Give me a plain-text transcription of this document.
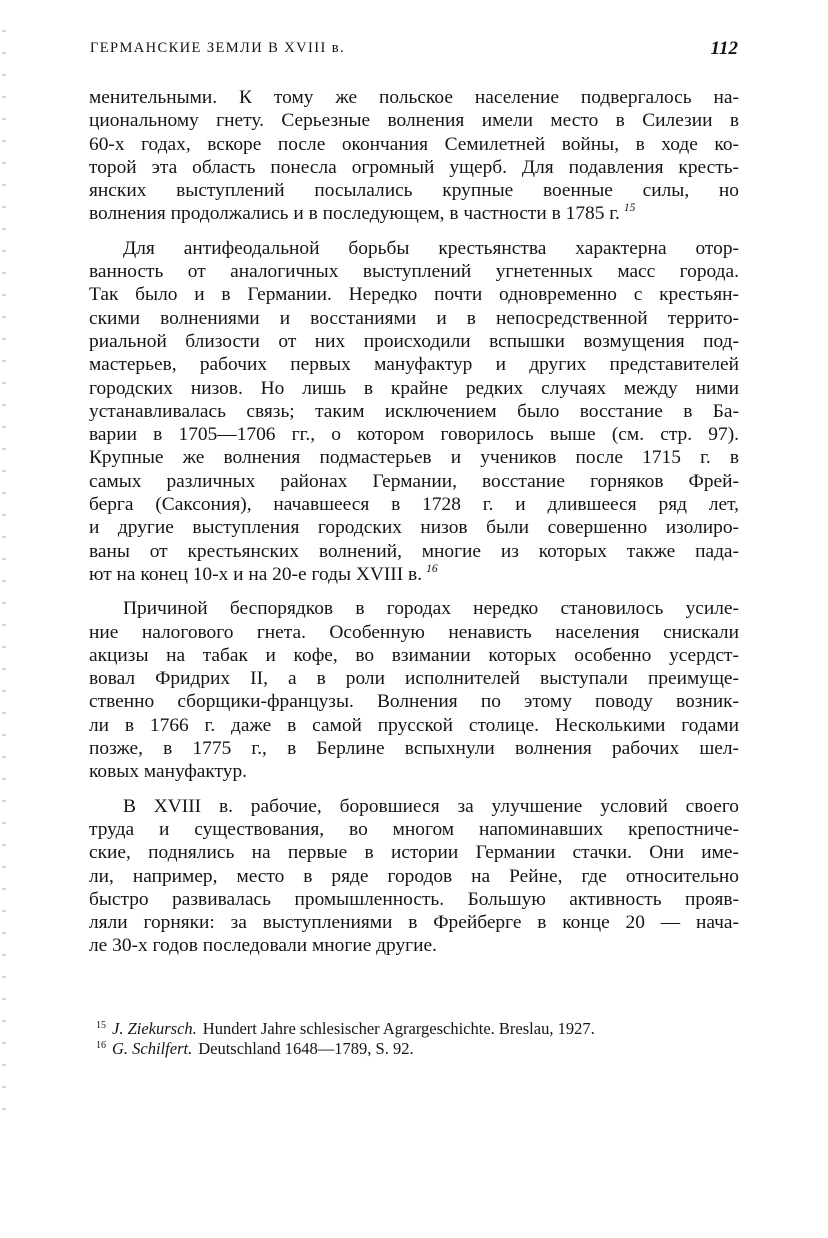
ГЕРМАНСКИЕ ЗЕМЛИ В XVIII в.	112
менительными. К тому же польское население подвергалось на-
циональному гнету. Серьезные волнения имели место в Силезии в
60-х годах, вскоре после окончания Семилетней войны, в ходе ко-
торой эта область понесла огромный ущерб. Для подавления кресть-
янских выступлений посылались крупные военные силы, но
волнения продолжались и в последующем, в частности в 1785 г. $^{15}$
Для антифеодальной борьбы крестьянства характерна отор-
ванность от аналогичных выступлений угнетенных масс города.
Так было и в Германии. Нередко почти одновременно с крестьян-
скими волнениями и восстаниями и в непосредственной террито-
риальной близости от них происходили вспышки возмущения под-
мастерьев, рабочих первых мануфактур и других представителей
городских низов. Но лишь в крайне редких случаях между ними
устанавливалась связь; таким исключением было восстание в Ба-
варии в 1705—1706 гг., о котором говорилось выше (см. стр. 97).
Крупные же волнения подмастерьев и учеников после 1715 г. в
самых различных районах Германии, восстание горняков Фрей-
берга (Саксония), начавшееся в 1728 г. и длившееся ряд лет,
и другие выступления городских низов были совершенно изолиро-
ваны от крестьянских волнений, многие из которых также пада-
ют на конец 10-х и на 20-е годы XVIII в. $^{16}$
Причиной беспорядков в городах нередко становилось усиле-
ние налогового гнета. Особенную ненависть населения снискали
акцизы на табак и кофе, во взимании которых особенно усердст-
вовал Фридрих II, а в роли исполнителей выступали преимуще-
ственно сборщики-французы. Волнения по этому поводу возник-
ли в 1766 г. даже в самой прусской столице. Несколькими годами
позже, в 1775 г., в Берлине вспыхнули волнения рабочих шел-
ковых мануфактур.
В XVIII в. рабочие, боровшиеся за улучшение условий своего
труда и существования, во многом напоминавших крепостниче-
ские, поднялись на первые в истории Германии стачки. Они име-
ли, например, место в ряде городов на Рейне, где относительно
быстро развивалась промышленность. Большую активность прояв-
ляли горняки: за выступлениями в Фрейберге в конце 20 — нача-
ле 30-х годов последовали многие другие.
$^{15}$ J. Ziekursch. Hundert Jahre schlesischer Agrargeschichte. Breslau, 1927.
$^{16}$ G. Schilfert. Deutschland 1648—1789, S. 92.
